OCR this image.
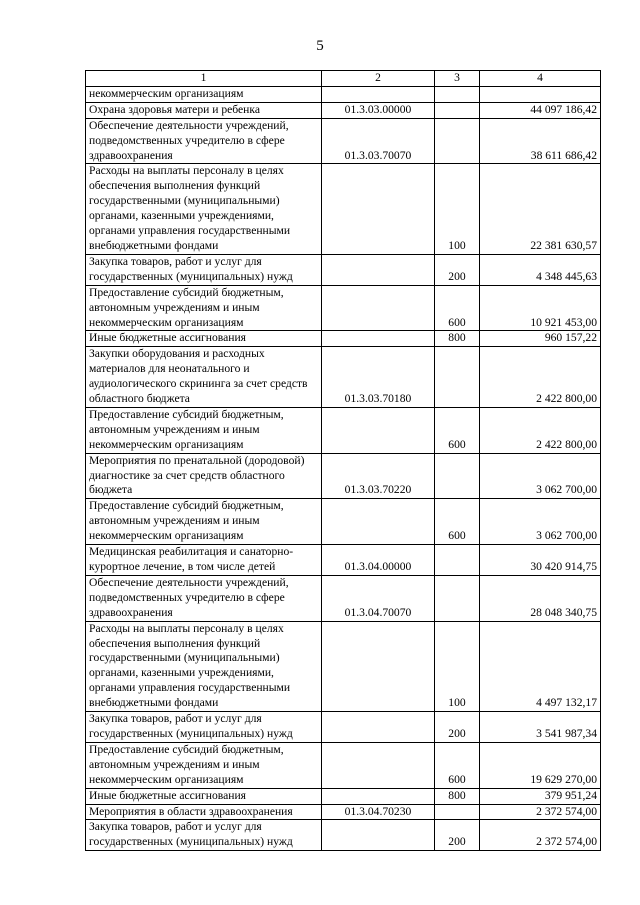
5
1	2	3	4
некоммерческим организациям			
Охрана здоровья матери и ребенка	01.3.03.00000		44 097 186,42
Обеспечение деятельности учреждений, подведомственных учредителю в сфере здравоохранения	01.3.03.70070		38 611 686,42
Расходы на выплаты персоналу в целях обеспечения выполнения функций государственными (муниципальными) органами, казенными учреждениями, органами управления государственными внебюджетными фондами		100	22 381 630,57
Закупка товаров, работ и услуг для государственных (муниципальных) нужд		200	4 348 445,63
Предоставление субсидий бюджетным, автономным учреждениям и иным некоммерческим организациям		600	10 921 453,00
Иные бюджетные ассигнования		800	960 157,22
Закупки оборудования и расходных материалов для неонатального и аудиологического скрининга за счет средств областного бюджета	01.3.03.70180		2 422 800,00
Предоставление субсидий бюджетным, автономным учреждениям и иным некоммерческим организациям		600	2 422 800,00
Мероприятия по пренатальной (дородовой) диагностике за счет средств областного бюджета	01.3.03.70220		3 062 700,00
Предоставление субсидий бюджетным, автономным учреждениям и иным некоммерческим организациям		600	3 062 700,00
Медицинская реабилитация и санаторно-курортное лечение, в том числе детей	01.3.04.00000		30 420 914,75
Обеспечение деятельности учреждений, подведомственных учредителю в сфере здравоохранения	01.3.04.70070		28 048 340,75
Расходы на выплаты персоналу в целях обеспечения выполнения функций государственными (муниципальными) органами, казенными учреждениями, органами управления государственными внебюджетными фондами		100	4 497 132,17
Закупка товаров, работ и услуг для государственных (муниципальных) нужд		200	3 541 987,34
Предоставление субсидий бюджетным, автономным учреждениям и иным некоммерческим организациям		600	19 629 270,00
Иные бюджетные ассигнования		800	379 951,24
Мероприятия в области здравоохранения	01.3.04.70230		2 372 574,00
Закупка товаров, работ и услуг для государственных (муниципальных) нужд		200	2 372 574,00
